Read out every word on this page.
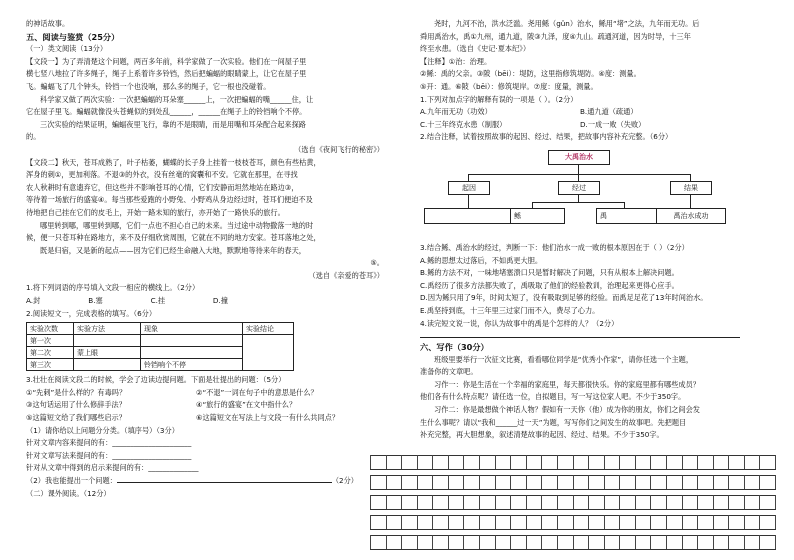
的神话故事。
五、阅读与鉴赏（25分）
（一）类文阅读（13分）
【文段一】为了弄清楚这个问题，两百多年前，科学家做了一次实验。他们在一间屋子里
横七竖八地拉了许多绳子，绳子上系着许多铃铛，然后把蝙蝠的眼睛蒙上，让它在屋子里
飞。蝙蝠飞了几个钟头，铃铛一个也没响，那么多的绳子，它一根也没碰着。
科学家又做了两次实验：一次把蝙蝠的耳朵塞______上，一次把蝙蝠的嘴______住，让
它在屋子里飞。蝙蝠就像没头苍蝇似的到处乱______，______在绳子上的铃铛响个不停。
三次实验的结果证明，蝙蝠夜里飞行，靠的不是眼睛，而是用嘴和耳朵配合起来探路
的。
（选自《夜间飞行的秘密》）
【文段二】秋天，苍耳成熟了，叶子枯萎，蝴蝶的长子身上挂着一枝枝苍耳，颜色有些枯黄，
浑身的刺①，更加利落。不退③的外衣，没有丝毫的窝囊和不安。它就在那里，在寻找
农人秋耕时有意遗弃它，但这些并不影响苍耳的心情，它们安静而坦然地站在路边③，
等待着一场旅行的盛宴④。每当那些爱跑的小野兔、小野鸡从身边经过时，苍耳们便迫不及
待地把自己挂在它们的皮毛上，开始一路未知的旅行，亦开始了一路快乐的旅行。
哪里转到哪，哪里转到哪，它们一点也不担心自己的未来。当过途中动物撒落一地的时
候，便一只苍耳种在路地方，来不及仔细欣赏周围，它就在不同的地方安家。苍耳落地之处，
既是归宿，又是新的起点——因为它们已经生命融入大地，默默地等待来年的春天，
⑤。
（选自《亲爱的苍耳》）
1.将下列词语的序号填入文段一相应的横线上。（2分）
A.封	B.塞	C.挂	D.撞
2.阅读短文一，完成表格的填写。（6分）
实验次数	实验方法	现象	实验结论
第一次			
第二次	蒙上眼		
第三次		铃铛响个不停	
3.壮壮在阅读文段二的时候，学会了边读边提问题。下面是壮提出的问题：（5分）
①“先刺”是什么样的？有毒吗？	②“不退”一词在句子中的意思是什么？
③这句话运用了什么修辞手法？	④“旅行的盛宴”在文中指什么？
⑤这篇短文给了我们哪些启示？	⑥这篇短文在写法上与文段一有什么共同点？
（1）请你给以上问题分分类。（填序号）（3分）
针对文章内容来提问的有：______________________
针对文章写法来提问的有：______________________
针对从文章中得到的启示来提问的有：______________
（2）我也能提出一个问题：	（2分）
（二）课外阅读。（12分）
尧时，九河不治，洪水泛滥。尧用鲧（gǔn）治水，鲧用“堵”之法，九年而无功。后
舜用禹治水，禹①九州，通九道，陂③九泽，度④九山。疏通河道，因为时导，十三年
终至水患。（选自《史记·夏本纪》）
【注释】①治：治理。
②鲧：禹的父亲。③陂（bēi）：堤防，这里指修筑堤防。④度：测量。
⑤开：通。⑥陂（bēi）：修筑堤岸。⑦度：度量，测量。
1.下列对加点字的解释有误的一项是（ ）。（2分）
A.九年而无功（功效）	B.通九道（疏通）
C.十三年终克水患（制服）	D.一成一败（失败）
2.结合注释，试着按照故事的起因、经过、结果，把故事内容补充完整。（6分）
大禹治水
起因	经过	结果
鲧	禹	禹治水成功
3.结合鲧、禹治水的经过，判断一下：他们治水一成一败的根本原因在于（ ）（2分）
A.鲧的思想太过落后，不如禹更大胆。
B.鲧的方法不对，一味地堵塞溃口只是暂时解决了问题，只有从根本上解决问题。
C.禹经历了很多方法都失败了，禹吸取了他们的经验教训，治理起来更得心应手。
D.因为鲧只用了9年，时间太短了，没有吸取到足够的经验。而禹足足花了13年时间治水。
E.禹坚持到底，十三年里三过家门而不入，费尽了心力。
4.读完短文说一说，你认为故事中的禹是个怎样的人？（2分）
六、写作（30分）
班级里要举行一次征文比赛，看看哪位同学是“优秀小作家”，请你任选一个主题，
准备你的文章吧。
习作一：你是生活在一个幸福的家庭里，每天都很快乐。你的家庭里都有哪些成员？
他们各有什么特点呢？请任选一位，自拟题目，写一写这位家人吧。不少于350字。
习作二：你是最想做个神话人物？假如有一天你（他）成为你的朋友，你们之间会发
生什么事呢？请以“我和______过一天”为题，写写你们之间发生的故事吧。先把题目
补充完整，再大胆想象，叙述清楚故事的起因、经过、结果。不少于350字。
